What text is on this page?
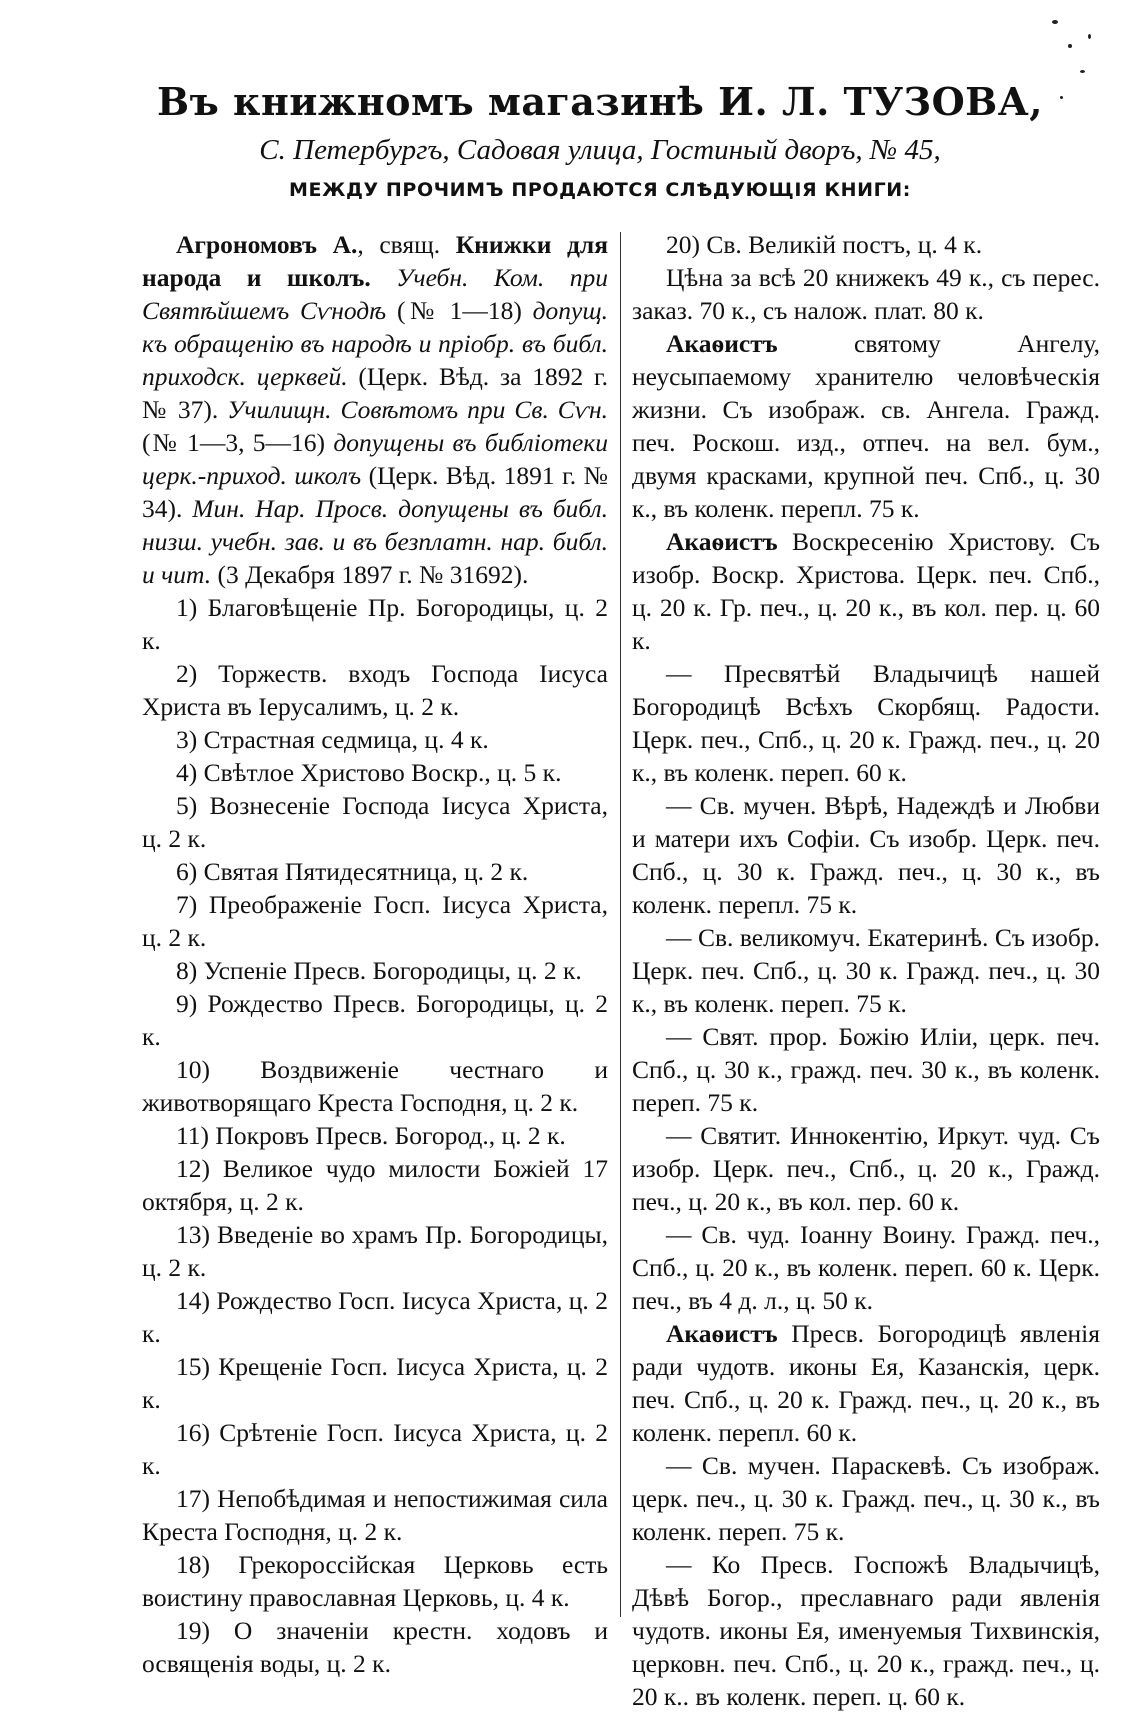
Въ книжномъ магазинѣ И. Л. ТУЗОВА,
С. Петербургъ, Садовая улица, Гостиный дворъ, № 45,
МЕЖДУ ПРОЧИМЪ ПРОДАЮТСЯ СЛѢДУЮЩІЯ КНИГИ:

Агрономовъ А., свящ. Книжки для народа и школъ. Учебн. Ком. при Святѣйшемъ Сѵнодѣ (№ 1—18) допущ. къ обращенію въ народѣ и пріобр. въ библ. приходск. церквей. (Церк. Вѣд. за 1892 г. № 37). Училищн. Совѣтомъ при Св. Сѵн. (№ 1—3, 5—16) допущены въ библіотеки церк.-приход. школъ (Церк. Вѣд. 1891 г. № 34). Мин. Нар. Просв. допущены въ библ. низш. учебн. зав. и въ безплатн. нар. библ. и чит. (3 Декабря 1897 г. № 31692).

1) Благовѣщеніе Пр. Богородицы, ц. 2 к.

2) Торжеств. входъ Господа Іисуса Христа въ Іерусалимъ, ц. 2 к.

3) Страстная седмица, ц. 4 к.

4) Свѣтлое Христово Воскр., ц. 5 к.

5) Вознесеніе Господа Іисуса Христа, ц. 2 к.

6) Святая Пятидесятница, ц. 2 к.

7) Преображеніе Госп. Іисуса Христа, ц. 2 к.

8) Успеніе Пресв. Богородицы, ц. 2 к.

9) Рождество Пресв. Богородицы, ц. 2 к.

10) Воздвиженіе честнаго и животворящаго Креста Господня, ц. 2 к.

11) Покровъ Пресв. Богород., ц. 2 к.

12) Великое чудо милости Божіей 17 октября, ц. 2 к.

13) Введеніе во храмъ Пр. Богородицы, ц. 2 к.

14) Рождество Госп. Іисуса Христа, ц. 2 к.

15) Крещеніе Госп. Іисуса Христа, ц. 2 к.

16) Срѣтеніе Госп. Іисуса Христа, ц. 2 к.

17) Непобѣдимая и непостижимая сила Креста Господня, ц. 2 к.

18) Грекороссійская Церковь есть воистину православная Церковь, ц. 4 к.

19) О значеніи крестн. ходовъ и освященія воды, ц. 2 к.

20) Св. Великій постъ, ц. 4 к.

Цѣна за всѣ 20 книжекъ 49 к., съ перес. заказ. 70 к., съ налож. плат. 80 к.

Акаѳистъ святому Ангелу, неусыпаемому хранителю человѣческія жизни. Съ изображ. св. Ангела. Гражд. печ. Роскош. изд., отпеч. на вел. бум., двумя красками, крупной печ. Спб., ц. 30 к., въ коленк. перепл. 75 к.

Акаѳистъ Воскресенію Христову. Съ изобр. Воскр. Христова. Церк. печ. Спб., ц. 20 к. Гр. печ., ц. 20 к., въ кол. пер. ц. 60 к.

— Пресвятѣй Владычицѣ нашей Богородицѣ Всѣхъ Скорбящ. Радости. Церк. печ., Спб., ц. 20 к. Гражд. печ., ц. 20 к., въ коленк. переп. 60 к.

— Св. мучен. Вѣрѣ, Надеждѣ и Любви и матери ихъ Софіи. Съ изобр. Церк. печ. Спб., ц. 30 к. Гражд. печ., ц. 30 к., въ коленк. перепл. 75 к.

— Св. великомуч. Екатеринѣ. Съ изобр. Церк. печ. Спб., ц. 30 к. Гражд. печ., ц. 30 к., въ коленк. переп. 75 к.

— Свят. прор. Божію Иліи, церк. печ. Спб., ц. 30 к., гражд. печ. 30 к., въ коленк. переп. 75 к.

— Святит. Иннокентію, Иркут. чуд. Съ изобр. Церк. печ., Спб., ц. 20 к., Гражд. печ., ц. 20 к., въ кол. пер. 60 к.

— Св. чуд. Іоанну Воину. Гражд. печ., Спб., ц. 20 к., въ коленк. переп. 60 к. Церк. печ., въ 4 д. л., ц. 50 к.

Акаѳистъ Пресв. Богородицѣ явленія ради чудотв. иконы Ея, Казанскія, церк. печ. Спб., ц. 20 к. Гражд. печ., ц. 20 к., въ коленк. перепл. 60 к.

— Св. мучен. Параскевѣ. Съ изображ. церк. печ., ц. 30 к. Гражд. печ., ц. 30 к., въ коленк. переп. 75 к.

— Ко Пресв. Госпожѣ Владычицѣ, Дѣвѣ Богор., преславнаго ради явленія чудотв. иконы Ея, именуемыя Тихвинскія, церковн. печ. Спб., ц. 20 к., гражд. печ., ц. 20 к.. въ коленк. переп. ц. 60 к.
